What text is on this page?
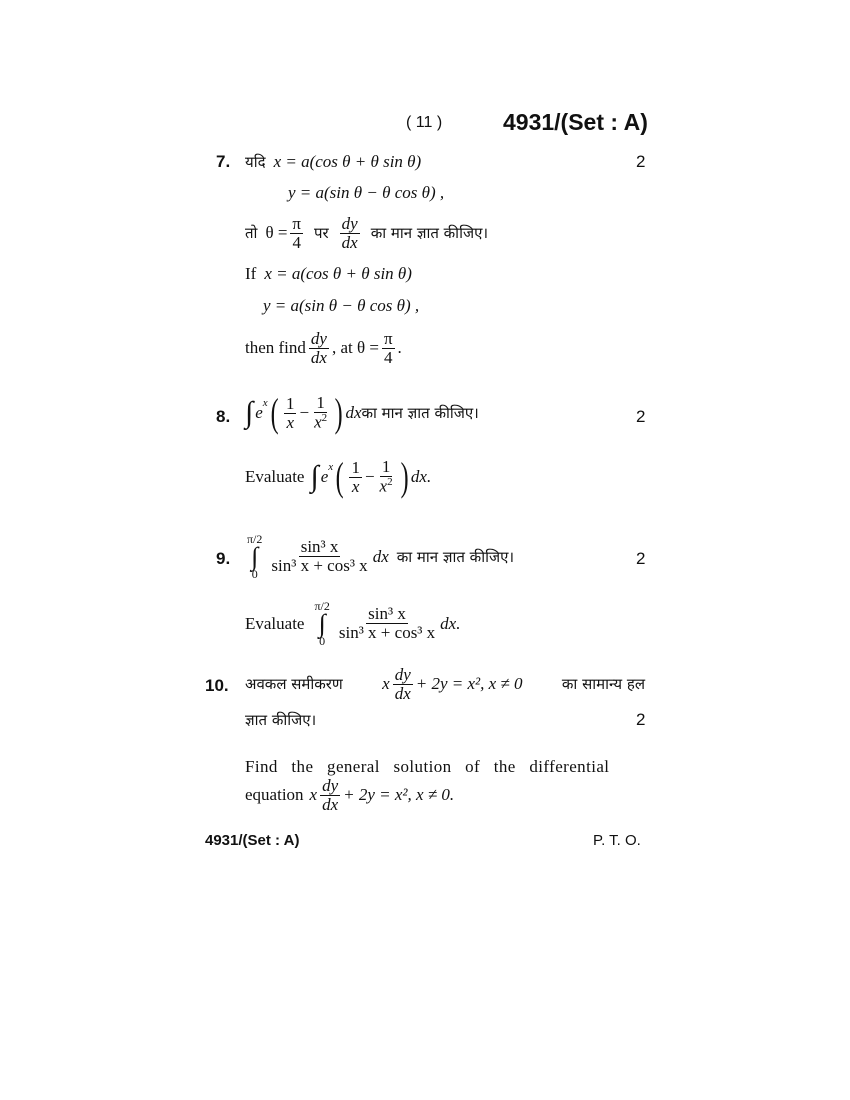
( 11 )	4931/(Set : A)
7. यदि x = a(cos θ + θ sin θ)	2
y = a(sin θ − θ cos θ) ,
तो $\theta = \frac{\pi}{4}$ पर $\frac{dy}{dx}$ का मान ज्ञात कीजिए।
If x = a(cos θ + θ sin θ)
y = a(sin θ − θ cos θ) ,
then find $\frac{dy}{dx}$ , at $\theta = \frac{\pi}{4}$ .
8. ∫ $e^x$ ( $\frac{1}{x} - \frac{1}{x^2}$ ) dx का मान ज्ञात कीजिए।	2
Evaluate ∫ $e^x$ ( $\frac{1}{x} - \frac{1}{x^2}$ ) dx.
9.
π/2
∫
$0 \frac{\text{sin³ x}}{\text{sin³ x + cos³ x}}$ dx का मान ज्ञात कीजिए।	2
Evaluate
π/2
∫
$0 \frac{\text{sin³ x}}{\text{sin³ x + cos³ x}}$ dx.
10. अवकल समीकरण x $\frac{dy}{dx} + 2y = x^2$, x ≠ 0	का सामान्य हल
ज्ञात कीजिए।	2
Find the general solution of the differential
equation x $\frac{dy}{dx} + 2y = x^2$, x ≠ 0.
4931/(Set : A)	P. T. O.
